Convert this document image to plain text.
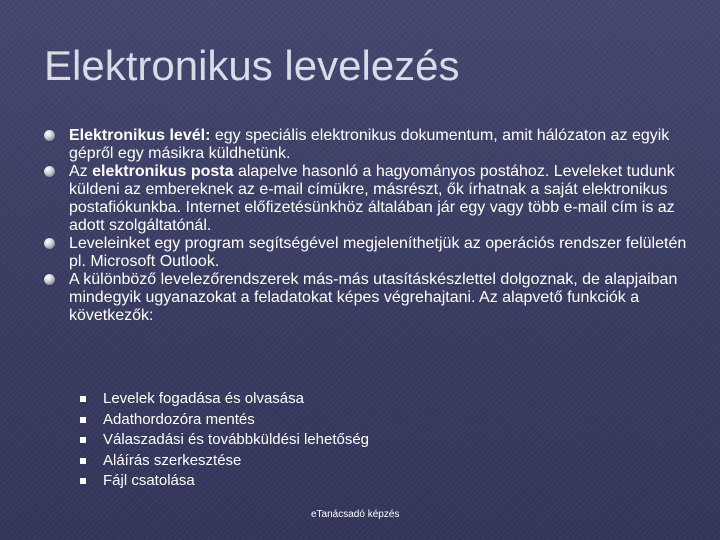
Elektronikus levelezés
Elektronikus levél: egy speciális elektronikus dokumentum, amit hálózaton az egyik gépről egy másikra küldhetünk.
Az elektronikus posta alapelve hasonló a hagyományos postához. Leveleket tudunk küldeni az embereknek az e-mail címükre, másrészt, ők írhatnak a saját elektronikus postafiókunkba. Internet előfizetésünkhöz általában jár egy vagy több e-mail cím is az adott szolgáltatónál.
Leveleinket egy program segítségével megjeleníthetjük az operációs rendszer felületén pl. Microsoft Outlook.
A különböző levelezőrendszerek más-más utasításkészlettel dolgoznak, de alapjaiban mindegyik ugyanazokat a feladatokat képes végrehajtani. Az alapvető funkciók a következők:
Levelek fogadása és olvasása
Adathordozóra mentés
Válaszadási és továbbküldési lehetőség
Aláírás szerkesztése
Fájl csatolása
eTanácsadó képzés
